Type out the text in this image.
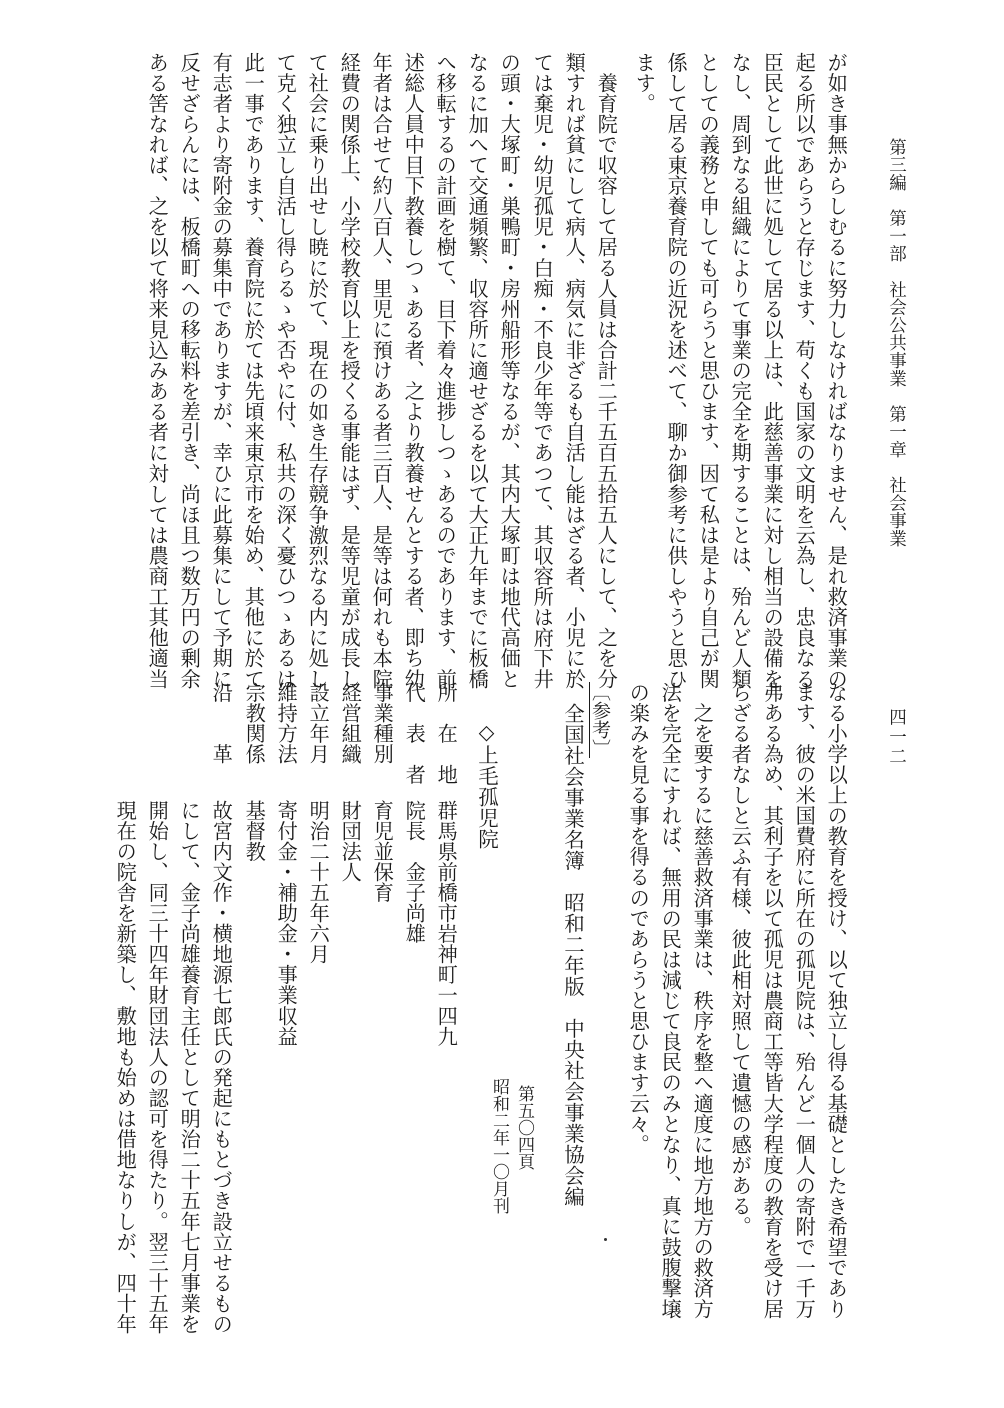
第三編　第一部　社会公共事業　第一章　社会事業
四一二
が如き事無からしむるに努力しなければなりません、是れ救済事業の
起る所以であらうと存じます、苟くも国家の文明を云為し、忠良なる
臣民として此世に処して居る以上は、此慈善事業に対し相当の設備を
なし、周到なる組織によりて事業の完全を期することは、殆んど人類
としての義務と申しても可らうと思ひます、因て私は是より自己が関
係して居る東京養育院の近況を述べて、聊か御参考に供しやうと思ひ
ます。
　養育院で収容して居る人員は合計二千五百五拾五人にして、之を分
類すれば貧にして病人、病気に非ざるも自活し能はざる者、小児に於
ては棄児・幼児孤児・白痴・不良少年等であつて、其収容所は府下井
の頭・大塚町・巣鴨町・房州船形等なるが、其内大塚町は地代高価と
なるに加へて交通頻繁、収容所に適せざるを以て大正九年までに板橋
へ移転するの計画を樹て、目下着々進捗しつゝあるのであります、前
述総人員中目下教養しつゝある者、之より教養せんとする者、即ち幼
年者は合せて約八百人、里児に預けある者三百人、是等は何れも本院
経費の関係上、小学校教育以上を授くる事能はず、是等児童が成長し
て社会に乗り出せし暁に於て、現在の如き生存競争激烈なる内に処し
て克く独立し自活し得らるゝや否やに付、私共の深く憂ひつゝあるは
此一事であります、養育院に於ては先頃来東京市を始め、其他に於て
有志者より寄附金の募集中でありますが、幸ひに此募集にして予期に
反せざらんには、板橋町への移転料を差引き、尚ほ且つ数万円の剰余
ある筈なれば、之を以て将来見込みある者に対しては農商工其他適当
なる小学以上の教育を授け、以て独立し得る基礎としたき希望であり
ます、彼の米国費府に所在の孤児院は、殆んど一個人の寄附で一千万
弗ある為め、其利子を以て孤児は農商工等皆大学程度の教育を受け居
らざる者なしと云ふ有様、彼此相対照して遺憾の感がある。
　之を要するに慈善救済事業は、秩序を整へ適度に地方地方の救済方
法を完全にすれば、無用の民は減じて良民のみとなり、真に鼓腹撃壌
の楽みを見る事を得るのであらうと思ひます云々。
〔参考〕
全国社会事業名簿　昭和二年版　中央社会事業協会編
第五〇四頁
昭和二年一〇月刊
◇上毛孤児院
所　在　地
群馬県前橋市岩神町一四九
代　表　者
院長　金子尚雄
事業種別
育児並保育
経営組織
財団法人
設立年月
明治二十五年六月
維持方法
寄付金・補助金・事業収益
宗教関係
基督教
沿　　革
故宮内文作・横地源七郎氏の発起にもとづき設立せるもの
にして、金子尚雄養育主任として明治二十五年七月事業を
開始し、同三十四年財団法人の認可を得たり。翌三十五年
現在の院舎を新築し、敷地も始めは借地なりしが、四十年
